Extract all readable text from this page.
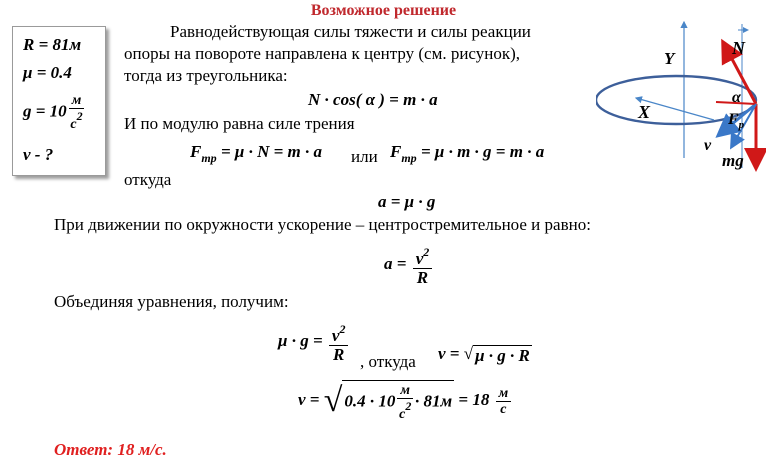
Возможное решение
R = 81м
μ = 0.4
$g = 10 \frac{м}{c2}$
v - ?
Равнодействующая силы тяжести и силы реакции
опоры на повороте направлена к центру (см. рисунок),
тогда из треугольника:
N · cos( α ) = m · a
И по модулю равна силе трения
$F_{mp} = \mu \cdot N = m \cdot a$ или $F_{mp} = \mu \cdot m \cdot g = m \cdot a$
откуда
a = μ · g
При движении по окружности ускорение – центростремительное и равно:
$a = \frac{v^2}{R}$
Объединяя уравнения, получим:
$\mu \cdot g = \frac{v^2}{R}$ , откуда v = √ μ · g · R
v = √ $0.4 \cdot 10 \frac{м}{c2} \cdot 81м = 18 \frac{м}{c}$
Ответ: 18 м/с.
Y
X
N
α
$F_p$
v
mg
